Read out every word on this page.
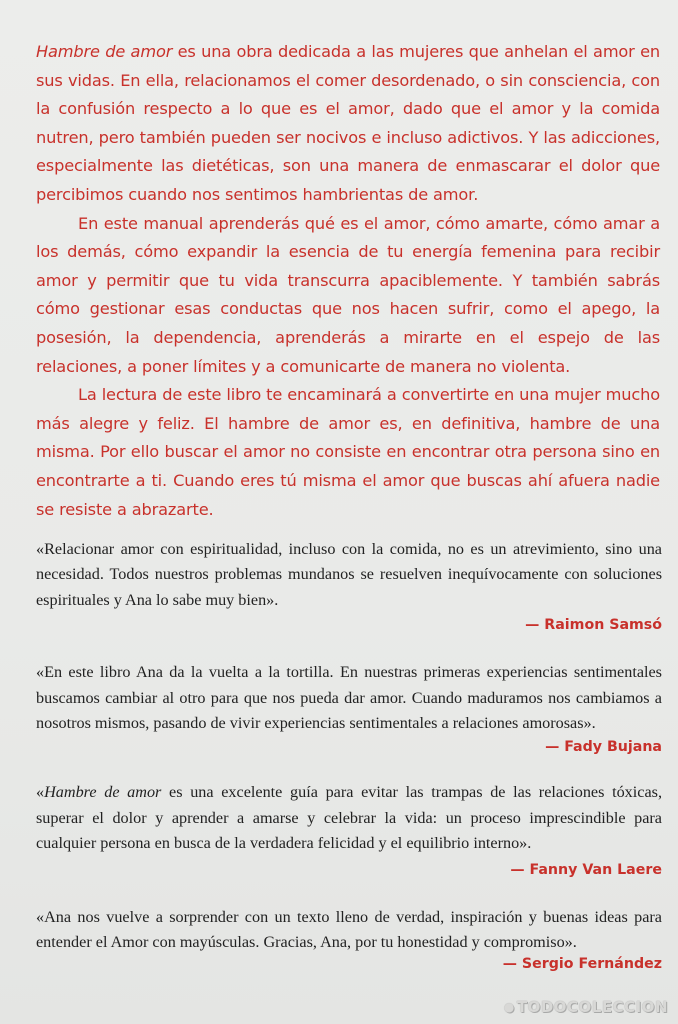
Hambre de amor es una obra dedicada a las mujeres que anhelan el amor en sus vidas. En ella, relacionamos el comer desordenado, o sin consciencia, con la confusión respecto a lo que es el amor, dado que el amor y la comida nutren, pero también pueden ser nocivos e incluso adictivos. Y las adicciones, especialmente las dietéticas, son una manera de enmascarar el dolor que percibimos cuando nos sentimos hambrientas de amor.

En este manual aprenderás qué es el amor, cómo amarte, cómo amar a los demás, cómo expandir la esencia de tu energía femenina para recibir amor y permitir que tu vida transcurra apaciblemente. Y también sabrás cómo gestionar esas conductas que nos hacen sufrir, como el apego, la posesión, la dependencia, aprenderás a mirarte en el espejo de las relaciones, a poner límites y a comunicarte de manera no violenta.

La lectura de este libro te encaminará a convertirte en una mujer mucho más alegre y feliz. El hambre de amor es, en definitiva, hambre de una misma. Por ello buscar el amor no consiste en encontrar otra persona sino en encontrarte a ti. Cuando eres tú misma el amor que buscas ahí afuera nadie se resiste a abrazarte.

«Relacionar amor con espiritualidad, incluso con la comida, no es un atrevimiento, sino una necesidad. Todos nuestros problemas mundanos se resuelven inequívocamente con soluciones espirituales y Ana lo sabe muy bien».

— Raimon Samsó

«En este libro Ana da la vuelta a la tortilla. En nuestras primeras experiencias sentimentales buscamos cambiar al otro para que nos pueda dar amor. Cuando maduramos nos cambiamos a nosotros mismos, pasando de vivir experiencias sentimentales a relaciones amorosas».

— Fady Bujana

«Hambre de amor es una excelente guía para evitar las trampas de las relaciones tóxicas, superar el dolor y aprender a amarse y celebrar la vida: un proceso imprescindible para cualquier persona en busca de la verdadera felicidad y el equilibrio interno».

— Fanny Van Laere

«Ana nos vuelve a sorprender con un texto lleno de verdad, inspiración y buenas ideas para entender el Amor con mayúsculas. Gracias, Ana, por tu honestidad y compromiso».

— Sergio Fernández

● TODOCOLECCION
